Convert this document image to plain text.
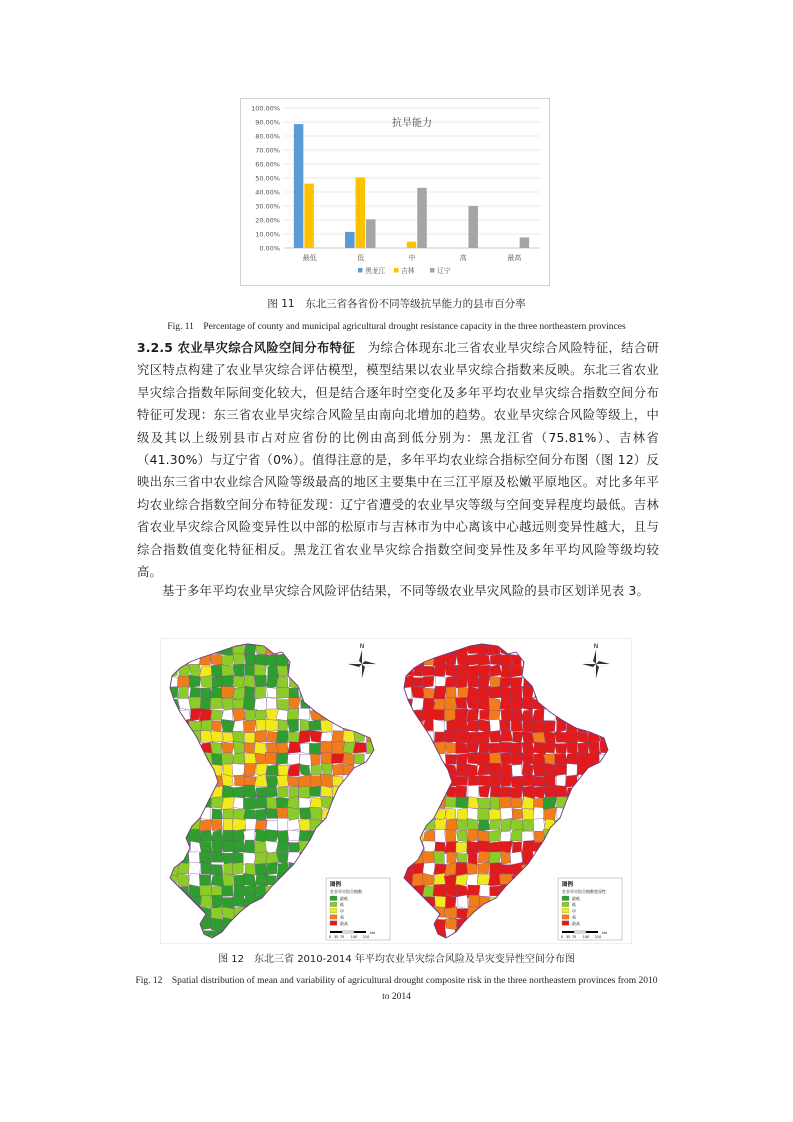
0.00%
10.00%
20.00%
30.00%
40.00%
50.00%
60.00%
70.00%
80.00%
90.00%
100.00%
抗旱能力
最低	低	中	高	最高
黑龙江 吉林	辽宁
图 11　东北三省各省份不同等级抗旱能力的县市百分率
Fig. 11　Percentage of county and municipal agricultural drought resistance capacity in the three northeastern provinces
3.2.5 农业旱灾综合风险空间分布特征 为综合体现东北三省农业旱灾综合风险特征，结合研究区特点构建了农业旱灾综合评估模型，模型结果以农业旱灾综合指数来反映。东北三省农业旱灾综合指数年际间变化较大，但是结合逐年时空变化及多年平均农业旱灾综合指数空间分布特征可发现：东三省农业旱灾综合风险呈由南向北增加的趋势。农业旱灾综合风险等级上，中级及其以上级别县市占对应省份的比例由高到低分别为：黑龙江省（75.81%）、吉林省（41.30%）与辽宁省（0%）。值得注意的是，多年平均农业综合指标空间分布图（图 12）反映出东三省中农业综合风险等级最高的地区主要集中在三江平原及松嫩平原地区。对比多年平均农业综合指数空间分布特征发现：辽宁省遭受的农业旱灾等级与空间变异程度均最低。吉林省农业旱灾综合风险变异性以中部的松原市与吉林市为中心离该中心越远则变异性越大，且与综合指数值变化特征相反。黑龙江省农业旱灾综合指数空间变异性及多年平均风险等级均较高。
基于多年平均农业旱灾综合风险评估结果，不同等级农业旱灾风险的县市区划详见表 3。
N	N
图例
农业旱灾综合指数
最低
低
中
高
最高
0 35 70 140 210
km
图例
农业旱灾综合指数变异性
最低
低
中
高
最高
0 35 70 140 210
km
图 12　东北三省 2010-2014 年平均农业旱灾综合风险及旱灾变异性空间分布图
Fig. 12　Spatial distribution of mean and variability of agricultural drought composite risk in the three northeastern provinces from 2010
to 2014
